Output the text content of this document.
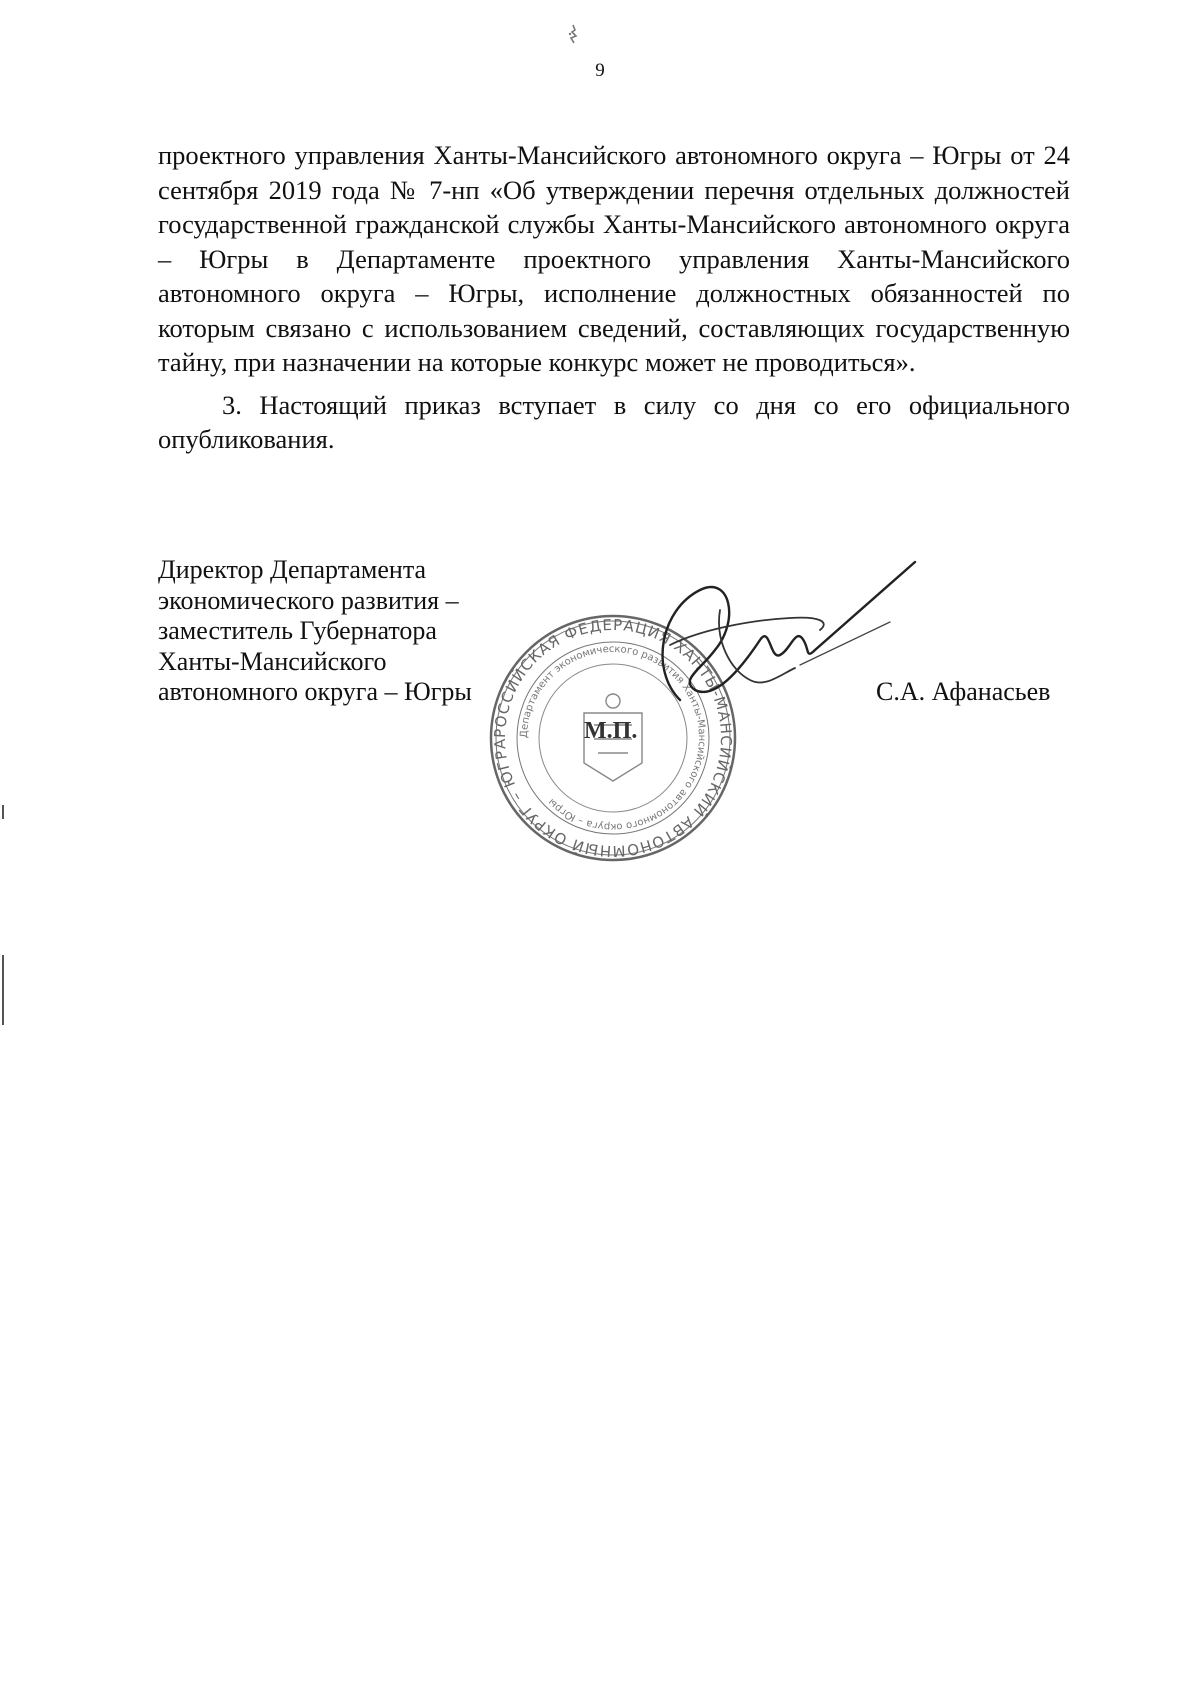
9

проектного управления Ханты-Мансийского автономного округа – Югры от 24 сентября 2019 года № 7-нп «Об утверждении перечня отдельных должностей государственной гражданской службы Ханты-Мансийского автономного округа – Югры в Департаменте проектного управления Ханты-Мансийского автономного округа – Югры, исполнение должностных обязанностей по которым связано с использованием сведений, составляющих государственную тайну, при назначении на которые конкурс может не проводиться».

3. Настоящий приказ вступает в силу со дня со его официального опубликования.

РОССИЙСКАЯ ФЕДЕРАЦИЯ ХАНТЫ-МАНСИЙСКИЙ АВТОНОМНЫЙ ОКРУГ – ЮГРА
Департамент экономического развития Ханты-Мансийского автономного округа – Югры
Директор Департамента
экономического развития –
заместитель Губернатора
Ханты-Мансийского
автономного округа – Югры
М.П.
С.А. Афанасьев
